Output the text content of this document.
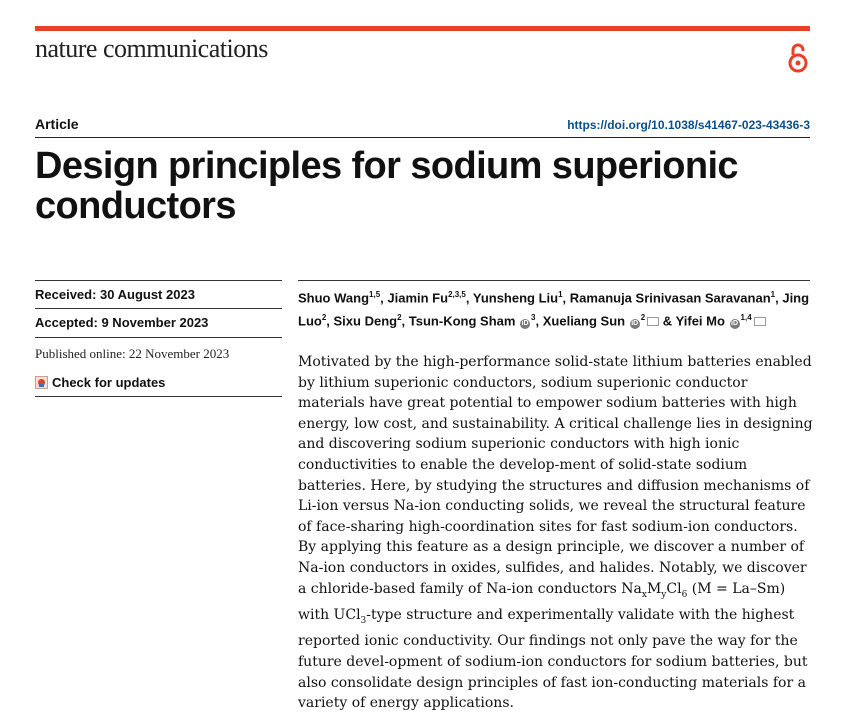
nature communications
Article	https://doi.org/10.1038/s41467-023-43436-3
Design principles for sodium superionic conductors
Received: 30 August 2023
Accepted: 9 November 2023
Published online: 22 November 2023
Check for updates
Shuo Wang$^{1,5}$, Jiamin Fu$^{2,3,5}$, Yunsheng Liu$^1$, Ramanuja Srinivasan Saravanan$^1$, Jing Luo$^2$, Sixu Deng$^2$, Tsun-Kong Sham $iD^3$, Xueliang Sun $iD^2$ & Yifei Mo iD$^{1,4}$

Motivated by the high-performance solid-state lithium batteries enabled by lithium superionic conductors, sodium superionic conductor materials have great potential to empower sodium batteries with high energy, low cost, and sustainability. A critical challenge lies in designing and discovering sodium superionic conductors with high ionic conductivities to enable the develop-ment of solid-state sodium batteries. Here, by studying the structures and diffusion mechanisms of Li-ion versus Na-ion conducting solids, we reveal the structural feature of face-sharing high-coordination sites for fast sodium-ion conductors. By applying this feature as a design principle, we discover a number of Na-ion conductors in oxides, sulfides, and halides. Notably, we discover a chloride-based family of Na-ion conductors $Na_xM_yCl_6$ (M = La–Sm) with UCl$_3$-type structure and experimentally validate with the highest reported ionic conductivity. Our findings not only pave the way for the future devel-opment of sodium-ion conductors for sodium batteries, but also consolidate design principles of fast ion-conducting materials for a variety of energy applications.
